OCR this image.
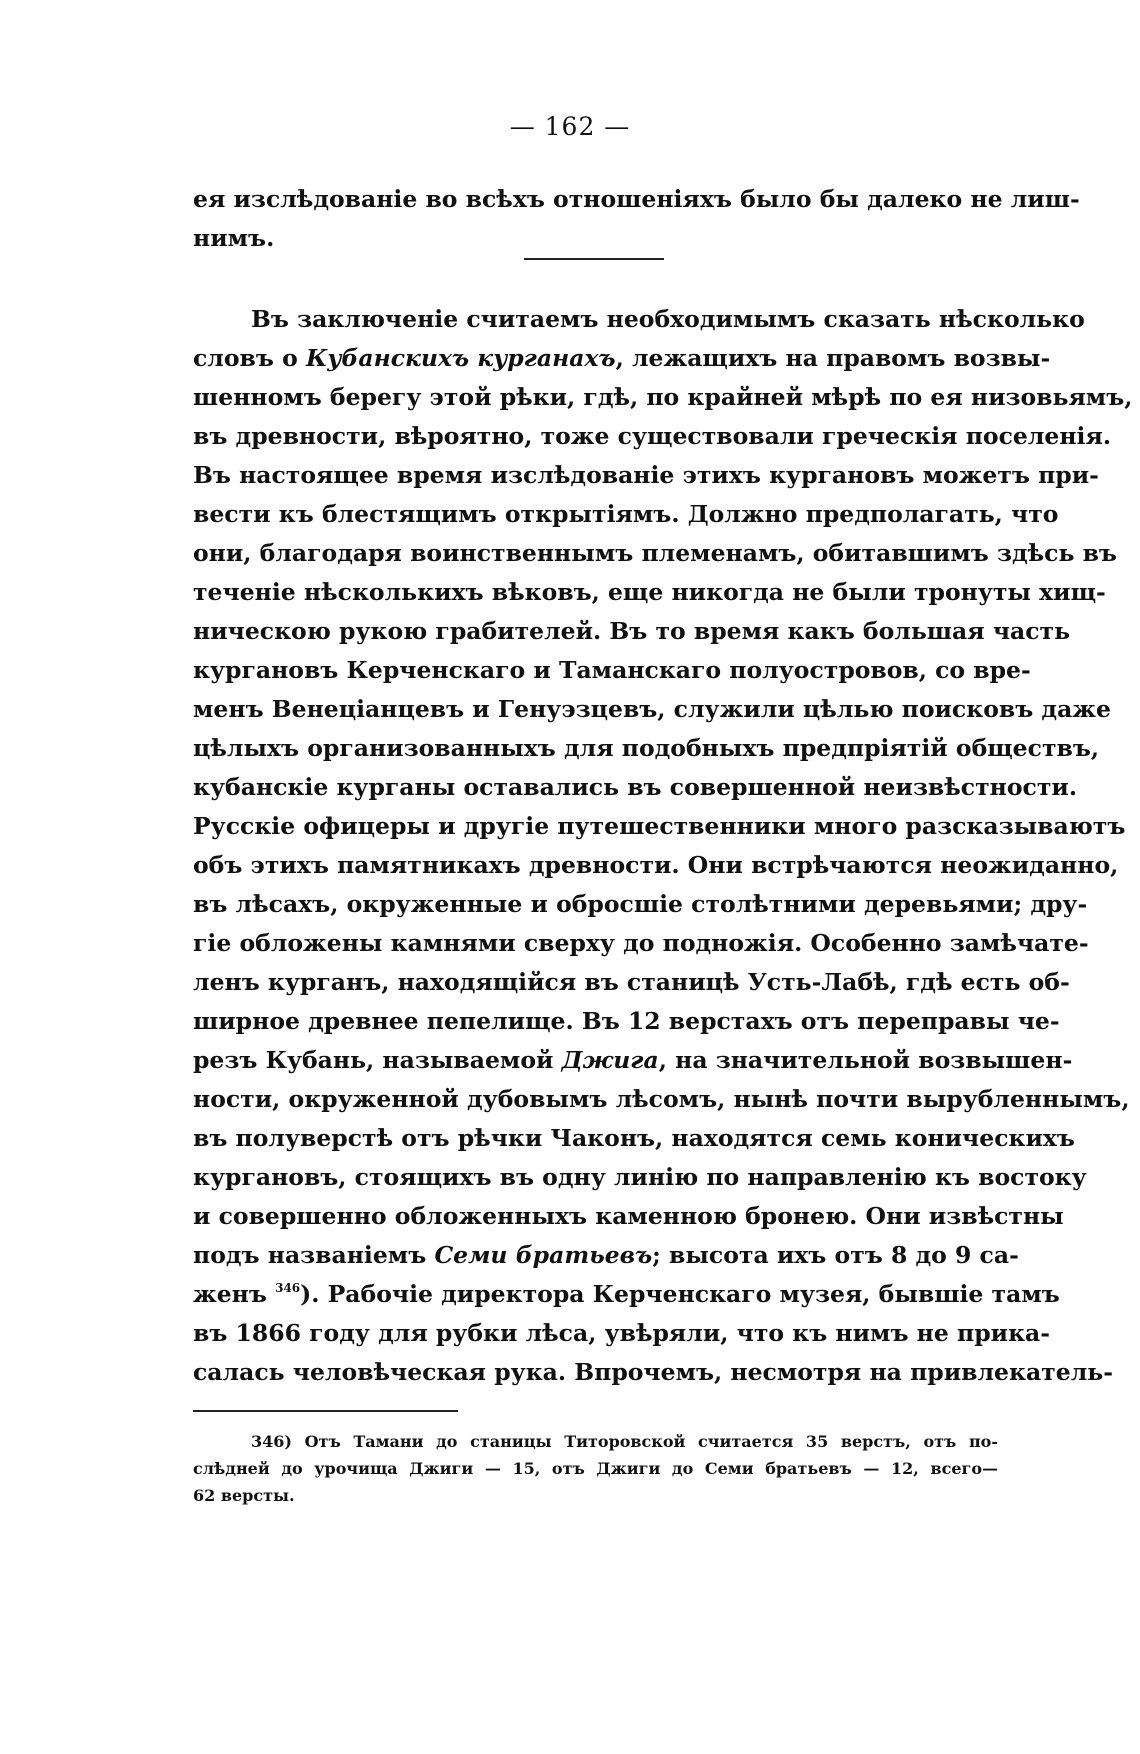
— 162 —
ея изслѣдованіе во всѣхъ отношеніяхъ было бы далеко не лиш-
нимъ.
Въ заключеніе считаемъ необходимымъ сказать нѣсколько
словъ о Кубанскихъ курганахъ, лежащихъ на правомъ возвы-
шенномъ берегу этой рѣки, гдѣ, по крайней мѣрѣ по ея низовьямъ,
въ древности, вѣроятно, тоже существовали греческія поселенія.
Въ настоящее время изслѣдованіе этихъ кургановъ можетъ при-
вести къ блестящимъ открытіямъ. Должно предполагать, что
они, благодаря воинственнымъ племенамъ, обитавшимъ здѣсь въ
теченіе нѣсколькихъ вѣковъ, еще никогда не были тронуты хищ-
ническою рукою грабителей. Въ то время какъ большая часть
кургановъ Керченскаго и Таманскаго полуостровов, со вре-
менъ Венеціанцевъ и Генуэзцевъ, служили цѣлью поисковъ даже
цѣлыхъ организованныхъ для подобныхъ предпріятій обществъ,
кубанскіе курганы оставались въ совершенной неизвѣстности.
Русскіе офицеры и другіе путешественники много разсказываютъ
объ этихъ памятникахъ древности. Они встрѣчаются неожиданно,
въ лѣсахъ, окруженные и обросшіе столѣтними деревьями; дру-
гіе обложены камнями сверху до подножія. Особенно замѣчате-
ленъ курганъ, находящійся въ станицѣ Усть-Лабѣ, гдѣ есть об-
ширное древнее пепелище. Въ 12 верстахъ отъ переправы че-
резъ Кубань, называемой Джига, на значительной возвышен-
ности, окруженной дубовымъ лѣсомъ, нынѣ почти вырубленнымъ,
въ полуверстѣ отъ рѣчки Чаконъ, находятся семь коническихъ
кургановъ, стоящихъ въ одну линію по направленію къ востоку
и совершенно обложенныхъ каменною бронею. Они извѣстны
подъ названіемъ Семи братьевъ; высота ихъ отъ 8 до 9 са-
женъ $^{346}$). Рабочіе директора Керченскаго музея, бывшіе тамъ
въ 1866 году для рубки лѣса, увѣряли, что къ нимъ не прика-
салась человѣческая рука. Впрочемъ, несмотря на привлекатель-
346) Отъ Тамани до станицы Титоровской считается 35 верстъ, отъ по-
слѣдней до урочища Джиги — 15, отъ Джиги до Семи братьевъ — 12, всего—
62 версты.
